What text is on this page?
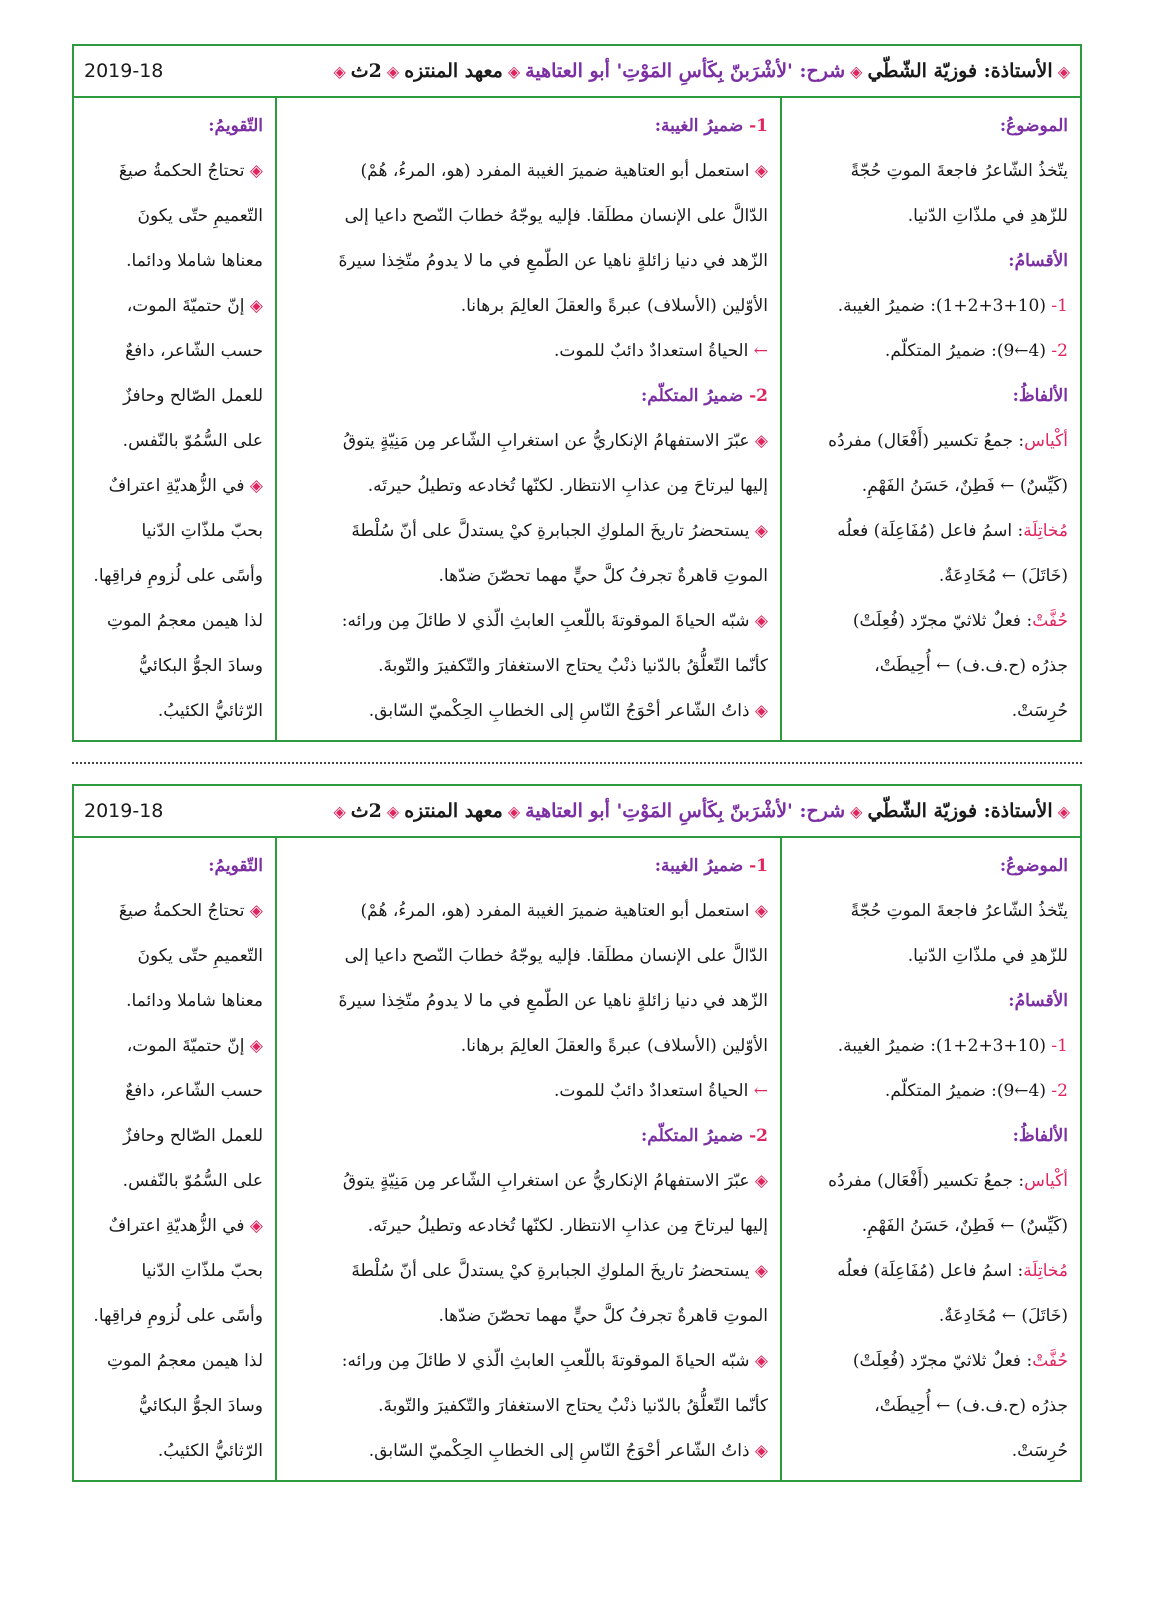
◈
الأستاذة: فوزيّة الشّطّي
◈
شرح: 'لأشْرَبنّ بِكَأسِ المَوْتِ' أبو العتاهية
◈
معهد المنتزه
◈
2ث
◈
2019-18
الموضوعُ:
يتّخذُ الشّاعرُ فاجعةَ الموتِ حُجّةً
للزّهدِ في ملذّاتِ الدّنيا.
الأقسامُ:
1- (1+2+3+10): ضميرُ الغيبة.
2- (4←9): ضميرُ المتكلّم.
الألفاظُ:
أكْياس: جمعُ تكسير (أَفْعَال) مفردُه
(كَيِّسٌ) ← فَطِنٌ، حَسَنُ الفَهْمِ.
مُخاتِلَة: اسمُ فاعل (مُفَاعِلَة) فعلُه
(خَاتَلَ) ← مُخَادِعَةٌ.
حُفَّتْ: فعلٌ ثلاثيّ مجرّد (فُعِلَتْ)
جذرُه (ح.ف.ف) ← أُحِيطَتْ،
حُرِسَتْ.
1- ضميرُ الغيبة:
◈ استعمل أبو العتاهية ضميرَ الغيبة المفرد (هو، المرءُ، هُمْ)
الدّالَّ على الإنسان مطلَقا. فإليه يوجّهُ خطابَ النّصح داعيا إلى
الزّهد في دنيا زائلةٍ ناهيا عن الطّمعِ في ما لا يدومُ متّخِذا سيرةَ
الأوّلين (الأسلاف) عبرةً والعقلَ العالِمَ برهانا.
← الحياةُ استعدادٌ دائبٌ للموت.
2- ضميرُ المتكلّم:
◈ عبّرَ الاستفهامُ الإنكاريُّ عن استغرابِ الشّاعر مِن مَنِيّةٍ يتوقُ
إليها ليرتاحَ مِن عذابِ الانتظار. لكنّها تُخادعه وتطيلُ حيرتَه.
◈ يستحضرُ تاريخَ الملوكِ الجبابرةِ كيْ يستدلَّ على أنّ سُلْطةَ
الموتِ قاهرةٌ تجرفُ كلَّ حيٍّ مهما تحصّنَ ضدّها.
◈ شبّه الحياةَ الموقوتةَ باللّعبِ العابثِ الّذي لا طائلَ مِن ورائه:
كأنّما التّعلُّقُ بالدّنيا ذنْبٌ يحتاج الاستغفارَ والتّكفيرَ والتّوبةَ.
◈ ذاتُ الشّاعر أحْوَجُ النّاسِ إلى الخطابِ الحِكْميّ السّابق.
التّقويمُ:
◈ تحتاجُ الحكمةُ صيغَ
التّعميمِ حتّى يكونَ
معناها شاملا ودائما.
◈ إنّ حتميّةَ الموت،
حسب الشّاعر، دافعٌ
للعمل الصّالح وحافزٌ
على السُّمُوّ بالنّفس.
◈ في الزُّهديّةِ اعترافٌ
بحبّ ملذّاتِ الدّنيا
وأسًى على لُزومِ فراقِها.
لذا هيمن معجمُ الموتِ
وسادَ الجوُّ البكائيُّ
الرّثائيُّ الكئيبُ.
◈
الأستاذة: فوزيّة الشّطّي
◈
شرح: 'لأشْرَبنّ بِكَأسِ المَوْتِ' أبو العتاهية
◈
معهد المنتزه
◈
2ث
◈
2019-18
الموضوعُ:
يتّخذُ الشّاعرُ فاجعةَ الموتِ حُجّةً
للزّهدِ في ملذّاتِ الدّنيا.
الأقسامُ:
1- (1+2+3+10): ضميرُ الغيبة.
2- (4←9): ضميرُ المتكلّم.
الألفاظُ:
أكْياس: جمعُ تكسير (أَفْعَال) مفردُه
(كَيِّسٌ) ← فَطِنٌ، حَسَنُ الفَهْمِ.
مُخاتِلَة: اسمُ فاعل (مُفَاعِلَة) فعلُه
(خَاتَلَ) ← مُخَادِعَةٌ.
حُفَّتْ: فعلٌ ثلاثيّ مجرّد (فُعِلَتْ)
جذرُه (ح.ف.ف) ← أُحِيطَتْ،
حُرِسَتْ.
1- ضميرُ الغيبة:
◈ استعمل أبو العتاهية ضميرَ الغيبة المفرد (هو، المرءُ، هُمْ)
الدّالَّ على الإنسان مطلَقا. فإليه يوجّهُ خطابَ النّصح داعيا إلى
الزّهد في دنيا زائلةٍ ناهيا عن الطّمعِ في ما لا يدومُ متّخِذا سيرةَ
الأوّلين (الأسلاف) عبرةً والعقلَ العالِمَ برهانا.
← الحياةُ استعدادٌ دائبٌ للموت.
2- ضميرُ المتكلّم:
◈ عبّرَ الاستفهامُ الإنكاريُّ عن استغرابِ الشّاعر مِن مَنِيّةٍ يتوقُ
إليها ليرتاحَ مِن عذابِ الانتظار. لكنّها تُخادعه وتطيلُ حيرتَه.
◈ يستحضرُ تاريخَ الملوكِ الجبابرةِ كيْ يستدلَّ على أنّ سُلْطةَ
الموتِ قاهرةٌ تجرفُ كلَّ حيٍّ مهما تحصّنَ ضدّها.
◈ شبّه الحياةَ الموقوتةَ باللّعبِ العابثِ الّذي لا طائلَ مِن ورائه:
كأنّما التّعلُّقُ بالدّنيا ذنْبٌ يحتاج الاستغفارَ والتّكفيرَ والتّوبةَ.
◈ ذاتُ الشّاعر أحْوَجُ النّاسِ إلى الخطابِ الحِكْميّ السّابق.
التّقويمُ:
◈ تحتاجُ الحكمةُ صيغَ
التّعميمِ حتّى يكونَ
معناها شاملا ودائما.
◈ إنّ حتميّةَ الموت،
حسب الشّاعر، دافعٌ
للعمل الصّالح وحافزٌ
على السُّمُوّ بالنّفس.
◈ في الزُّهديّةِ اعترافٌ
بحبّ ملذّاتِ الدّنيا
وأسًى على لُزومِ فراقِها.
لذا هيمن معجمُ الموتِ
وسادَ الجوُّ البكائيُّ
الرّثائيُّ الكئيبُ.
